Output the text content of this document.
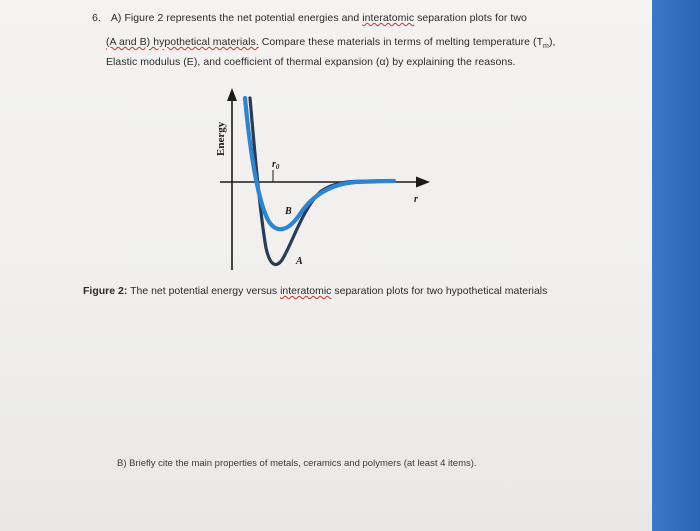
6. A) Figure 2 represents the net potential energies and interatomic separation plots for two
(A and B) hypothetical materials. Compare these materials in terms of melting temperature $(T_m)$,
Elastic modulus (E), and coefficient of thermal expansion (α) by explaining the reasons.
Energy
r
$r_0$
B
A
Figure 2: The net potential energy versus interatomic separation plots for two hypothetical materials
B) Briefly cite the main properties of metals, ceramics and polymers (at least 4 items).
